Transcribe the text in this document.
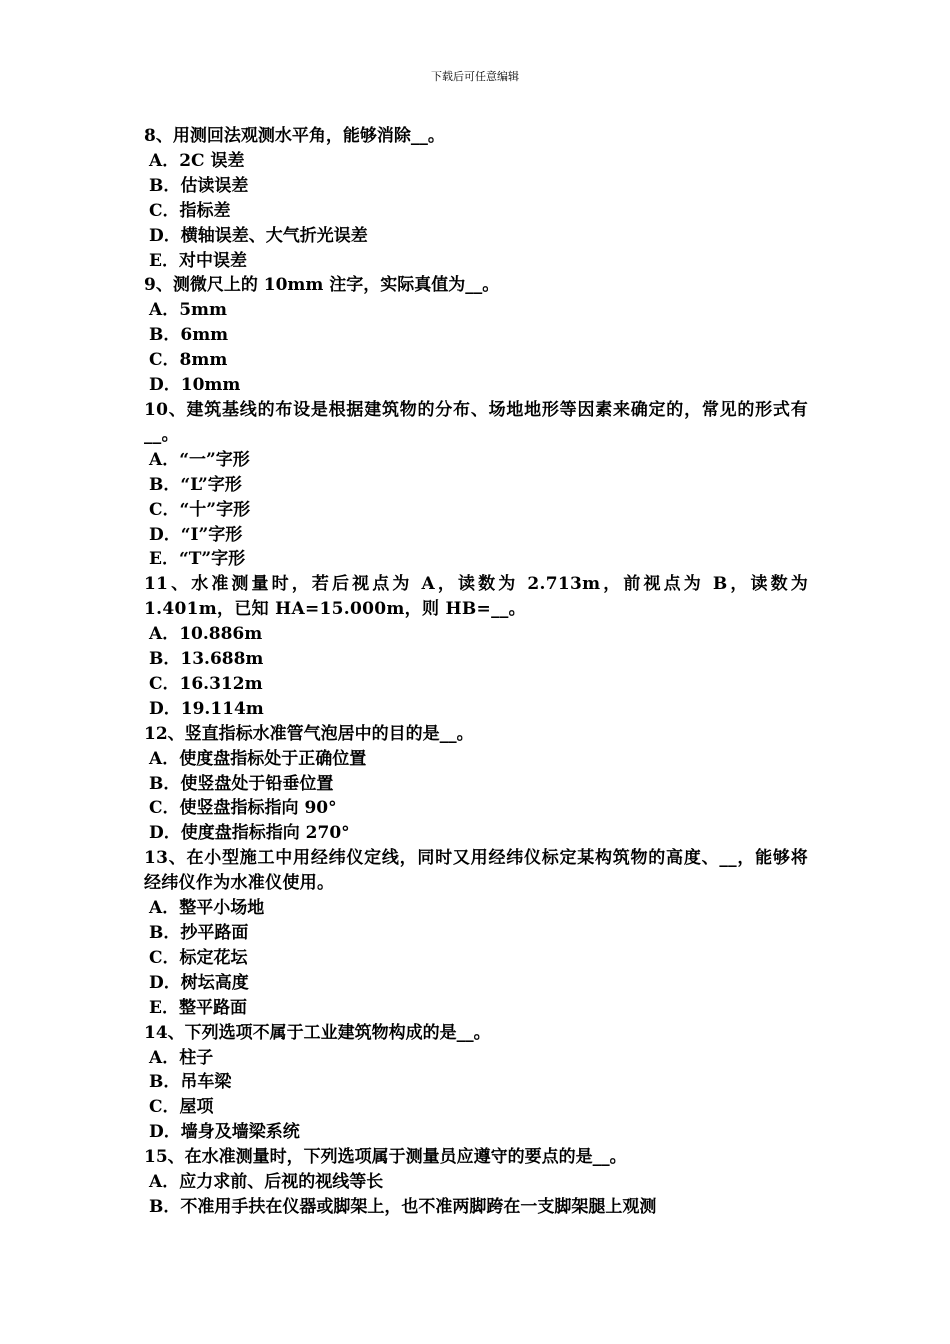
下载后可任意编辑

8、用测回法观测水平角，能够消除__。

A．2C 误差

B．估读误差

C．指标差

D．横轴误差、大气折光误差

E．对中误差

9、测微尺上的 10mm 注字，实际真值为__。

A．5mm

B．6mm

C．8mm

D．10mm

10、建筑基线的布设是根据建筑物的分布、场地地形等因素来确定的，常见的形式有__。

A．“一”字形

B．“L”字形

C．“十”字形

D．“I”字形

E．“T”字形

11、水准测量时，若后视点为 A，读数为 2.713m，前视点为 B，读数为 1.401m，已知 HA=15.000m，则 HB=__。

A．10.886m

B．13.688m

C．16.312m

D．19.114m

12、竖直指标水准管气泡居中的目的是__。

A．使度盘指标处于正确位置

B．使竖盘处于铅垂位置

C．使竖盘指标指向 90°

D．使度盘指标指向 270°

13、在小型施工中用经纬仪定线，同时又用经纬仪标定某构筑物的高度、__，能够将经纬仪作为水准仪使用。

A．整平小场地

B．抄平路面

C．标定花坛

D．树坛高度

E．整平路面

14、下列选项不属于工业建筑物构成的是__。

A．柱子

B．吊车梁

C．屋项

D．墙身及墙梁系统

15、在水准测量时，下列选项属于测量员应遵守的要点的是__。

A．应力求前、后视的视线等长

B．不准用手扶在仪器或脚架上，也不准两脚跨在一支脚架腿上观测
